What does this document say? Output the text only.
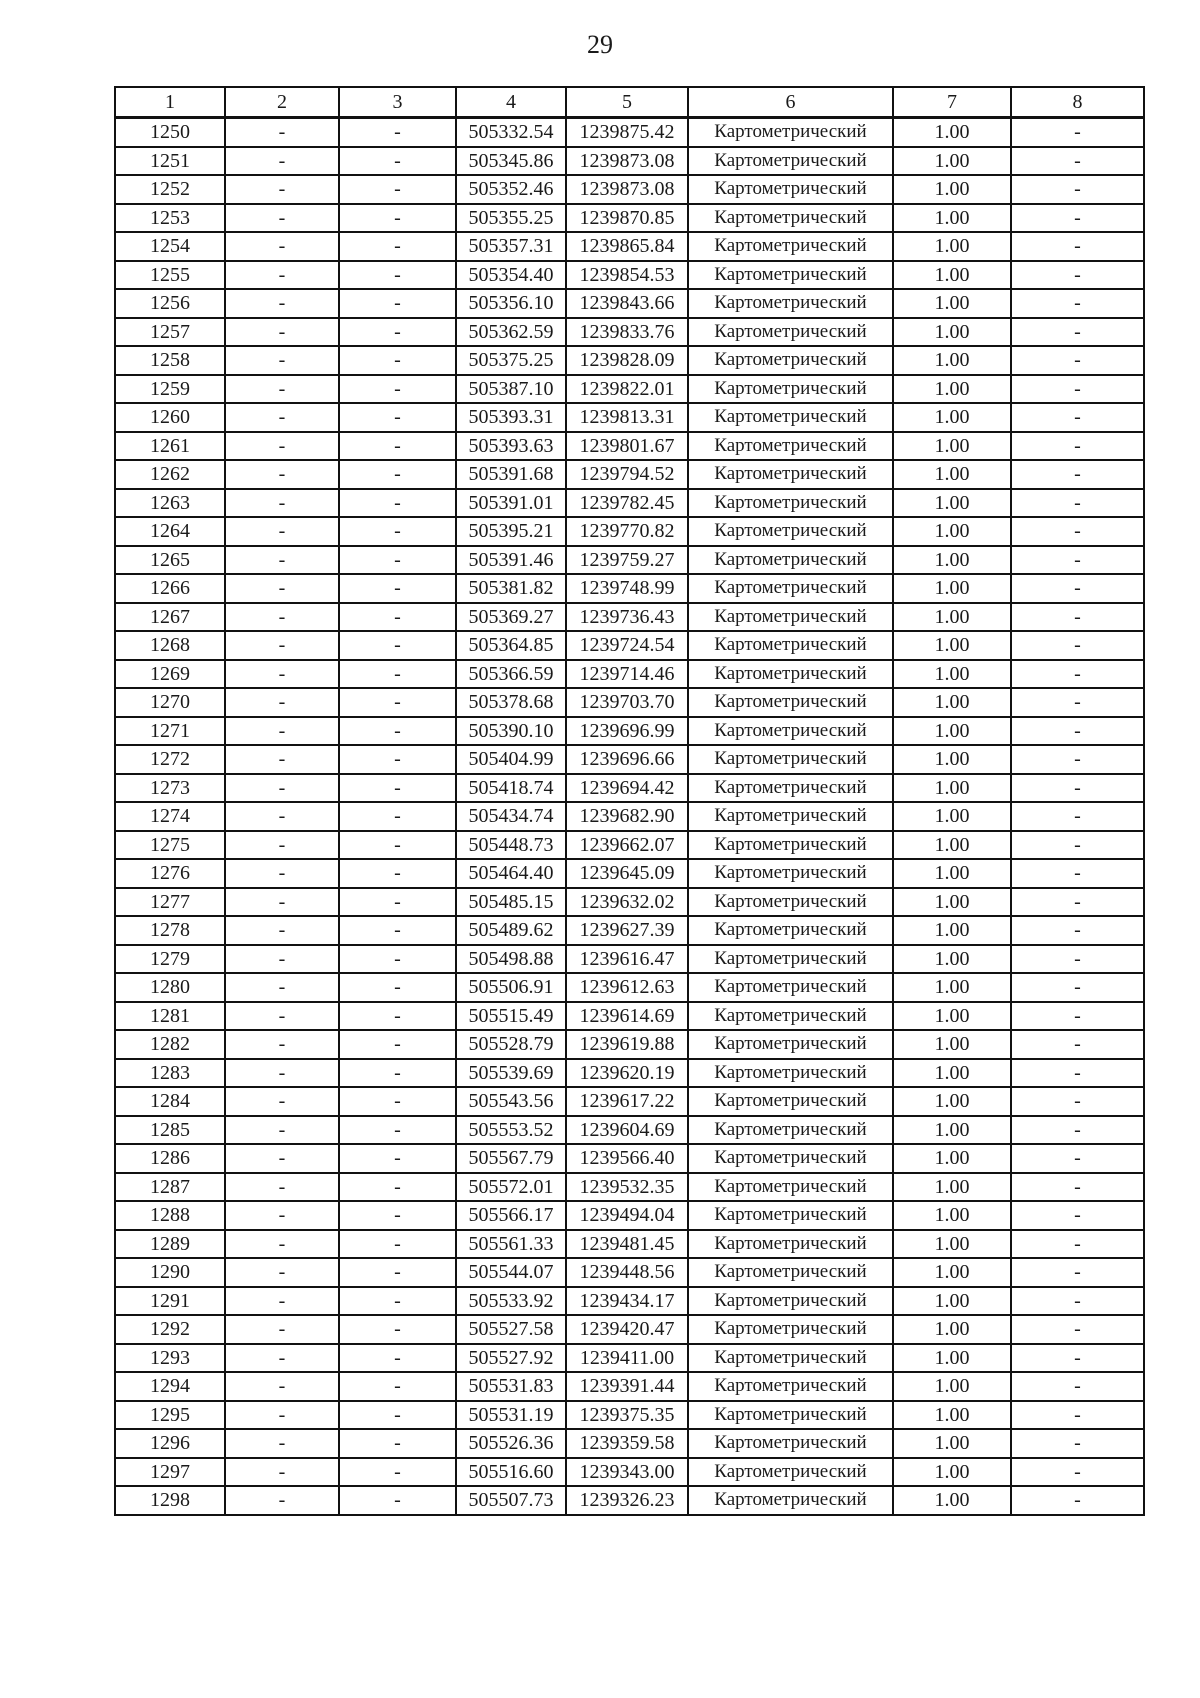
29
1	2	3	4	5	6	7	8
1250	-	-	505332.54	1239875.42	Картометрический	1.00	-
1251	-	-	505345.86	1239873.08	Картометрический	1.00	-
1252	-	-	505352.46	1239873.08	Картометрический	1.00	-
1253	-	-	505355.25	1239870.85	Картометрический	1.00	-
1254	-	-	505357.31	1239865.84	Картометрический	1.00	-
1255	-	-	505354.40	1239854.53	Картометрический	1.00	-
1256	-	-	505356.10	1239843.66	Картометрический	1.00	-
1257	-	-	505362.59	1239833.76	Картометрический	1.00	-
1258	-	-	505375.25	1239828.09	Картометрический	1.00	-
1259	-	-	505387.10	1239822.01	Картометрический	1.00	-
1260	-	-	505393.31	1239813.31	Картометрический	1.00	-
1261	-	-	505393.63	1239801.67	Картометрический	1.00	-
1262	-	-	505391.68	1239794.52	Картометрический	1.00	-
1263	-	-	505391.01	1239782.45	Картометрический	1.00	-
1264	-	-	505395.21	1239770.82	Картометрический	1.00	-
1265	-	-	505391.46	1239759.27	Картометрический	1.00	-
1266	-	-	505381.82	1239748.99	Картометрический	1.00	-
1267	-	-	505369.27	1239736.43	Картометрический	1.00	-
1268	-	-	505364.85	1239724.54	Картометрический	1.00	-
1269	-	-	505366.59	1239714.46	Картометрический	1.00	-
1270	-	-	505378.68	1239703.70	Картометрический	1.00	-
1271	-	-	505390.10	1239696.99	Картометрический	1.00	-
1272	-	-	505404.99	1239696.66	Картометрический	1.00	-
1273	-	-	505418.74	1239694.42	Картометрический	1.00	-
1274	-	-	505434.74	1239682.90	Картометрический	1.00	-
1275	-	-	505448.73	1239662.07	Картометрический	1.00	-
1276	-	-	505464.40	1239645.09	Картометрический	1.00	-
1277	-	-	505485.15	1239632.02	Картометрический	1.00	-
1278	-	-	505489.62	1239627.39	Картометрический	1.00	-
1279	-	-	505498.88	1239616.47	Картометрический	1.00	-
1280	-	-	505506.91	1239612.63	Картометрический	1.00	-
1281	-	-	505515.49	1239614.69	Картометрический	1.00	-
1282	-	-	505528.79	1239619.88	Картометрический	1.00	-
1283	-	-	505539.69	1239620.19	Картометрический	1.00	-
1284	-	-	505543.56	1239617.22	Картометрический	1.00	-
1285	-	-	505553.52	1239604.69	Картометрический	1.00	-
1286	-	-	505567.79	1239566.40	Картометрический	1.00	-
1287	-	-	505572.01	1239532.35	Картометрический	1.00	-
1288	-	-	505566.17	1239494.04	Картометрический	1.00	-
1289	-	-	505561.33	1239481.45	Картометрический	1.00	-
1290	-	-	505544.07	1239448.56	Картометрический	1.00	-
1291	-	-	505533.92	1239434.17	Картометрический	1.00	-
1292	-	-	505527.58	1239420.47	Картометрический	1.00	-
1293	-	-	505527.92	1239411.00	Картометрический	1.00	-
1294	-	-	505531.83	1239391.44	Картометрический	1.00	-
1295	-	-	505531.19	1239375.35	Картометрический	1.00	-
1296	-	-	505526.36	1239359.58	Картометрический	1.00	-
1297	-	-	505516.60	1239343.00	Картометрический	1.00	-
1298	-	-	505507.73	1239326.23	Картометрический	1.00	-
